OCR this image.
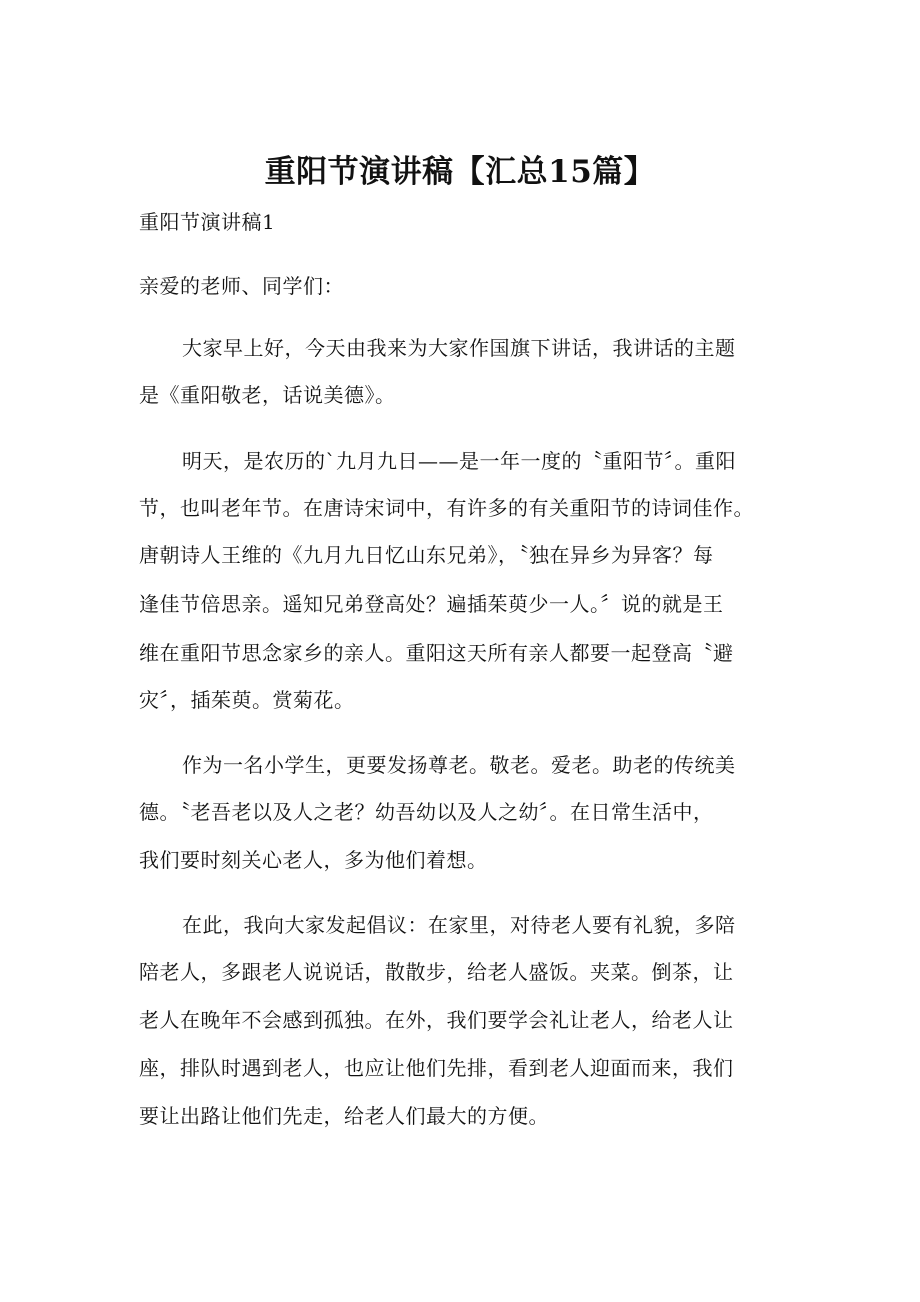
重阳节演讲稿【汇总15篇】

重阳节演讲稿1

亲爱的老师、同学们：

大家早上好，今天由我来为大家作国旗下讲话，我讲话的主题

是《重阳敬老，话说美德》。

明天，是农历的`九月九日——是一年一度的〝重阳节〞。重阳

节，也叫老年节。在唐诗宋词中，有许多的有关重阳节的诗词佳作。

唐朝诗人王维的《九月九日忆山东兄弟》，〝独在异乡为异客？每

逢佳节倍思亲。遥知兄弟登高处？遍插茱萸少一人。〞说的就是王

维在重阳节思念家乡的亲人。重阳这天所有亲人都要一起登高〝避

灾〞，插茱萸。赏菊花。

作为一名小学生，更要发扬尊老。敬老。爱老。助老的传统美

德。〝老吾老以及人之老？幼吾幼以及人之幼〞。在日常生活中，

我们要时刻关心老人，多为他们着想。

在此，我向大家发起倡议：在家里，对待老人要有礼貌，多陪

陪老人，多跟老人说说话，散散步，给老人盛饭。夹菜。倒茶，让

老人在晚年不会感到孤独。在外，我们要学会礼让老人，给老人让

座，排队时遇到老人，也应让他们先排，看到老人迎面而来，我们

要让出路让他们先走，给老人们最大的方便。
